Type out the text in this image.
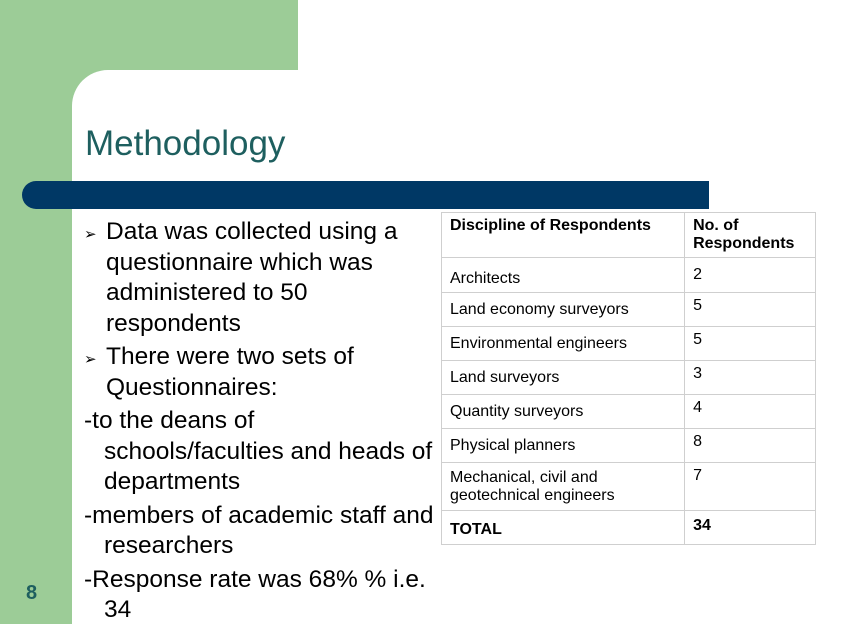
Methodology

➢ Data was collected using a questionnaire which was administered to 50 respondents

➢ There were two sets of Questionnaires:

-to the deans of schools/faculties and heads of departments

-members of academic staff and researchers

-Response rate was 68% % i.e. 34

Discipline of Respondents	No. of Respondents
Architects	2
Land economy surveyors	5
Environmental engineers	5
Land surveyors	3
Quantity surveyors	4
Physical planners	8
Mechanical, civil and geotechnical engineers	7
TOTAL	34
8
